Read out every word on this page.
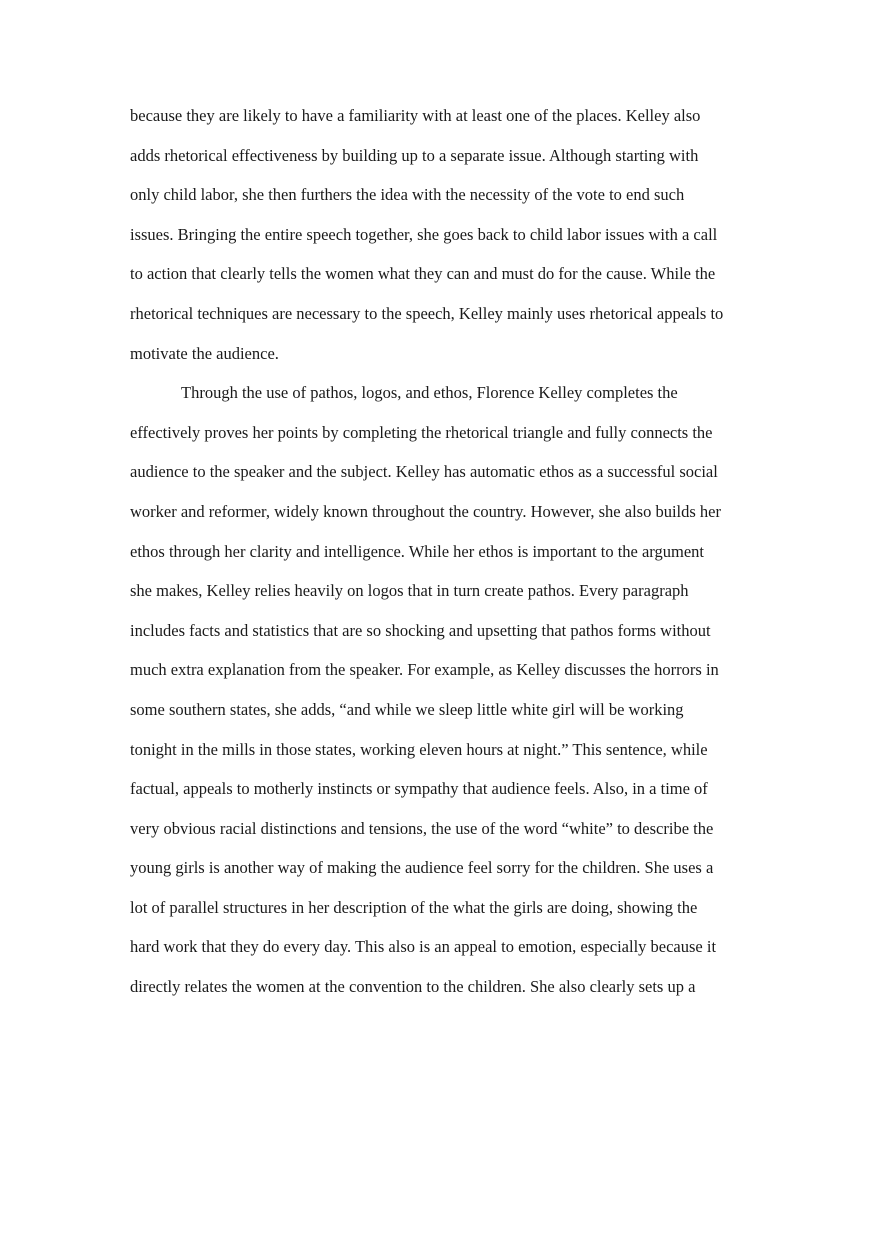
because they are likely to have a familiarity with at least one of the places. Kelley also
adds rhetorical effectiveness by building up to a separate issue. Although starting with
only child labor, she then furthers the idea with the necessity of the vote to end such
issues. Bringing the entire speech together, she goes back to child labor issues with a call
to action that clearly tells the women what they can and must do for the cause. While the
rhetorical techniques are necessary to the speech, Kelley mainly uses rhetorical appeals to
motivate the audience.
Through the use of pathos, logos, and ethos, Florence Kelley completes the
effectively proves her points by completing the rhetorical triangle and fully connects the
audience to the speaker and the subject. Kelley has automatic ethos as a successful social
worker and reformer, widely known throughout the country. However, she also builds her
ethos through her clarity and intelligence. While her ethos is important to the argument
she makes, Kelley relies heavily on logos that in turn create pathos. Every paragraph
includes facts and statistics that are so shocking and upsetting that pathos forms without
much extra explanation from the speaker. For example, as Kelley discusses the horrors in
some southern states, she adds, “and while we sleep little white girl will be working
tonight in the mills in those states, working eleven hours at night.” This sentence, while
factual, appeals to motherly instincts or sympathy that audience feels. Also, in a time of
very obvious racial distinctions and tensions, the use of the word “white” to describe the
young girls is another way of making the audience feel sorry for the children. She uses a
lot of parallel structures in her description of the what the girls are doing, showing the
hard work that they do every day. This also is an appeal to emotion, especially because it
directly relates the women at the convention to the children. She also clearly sets up a
